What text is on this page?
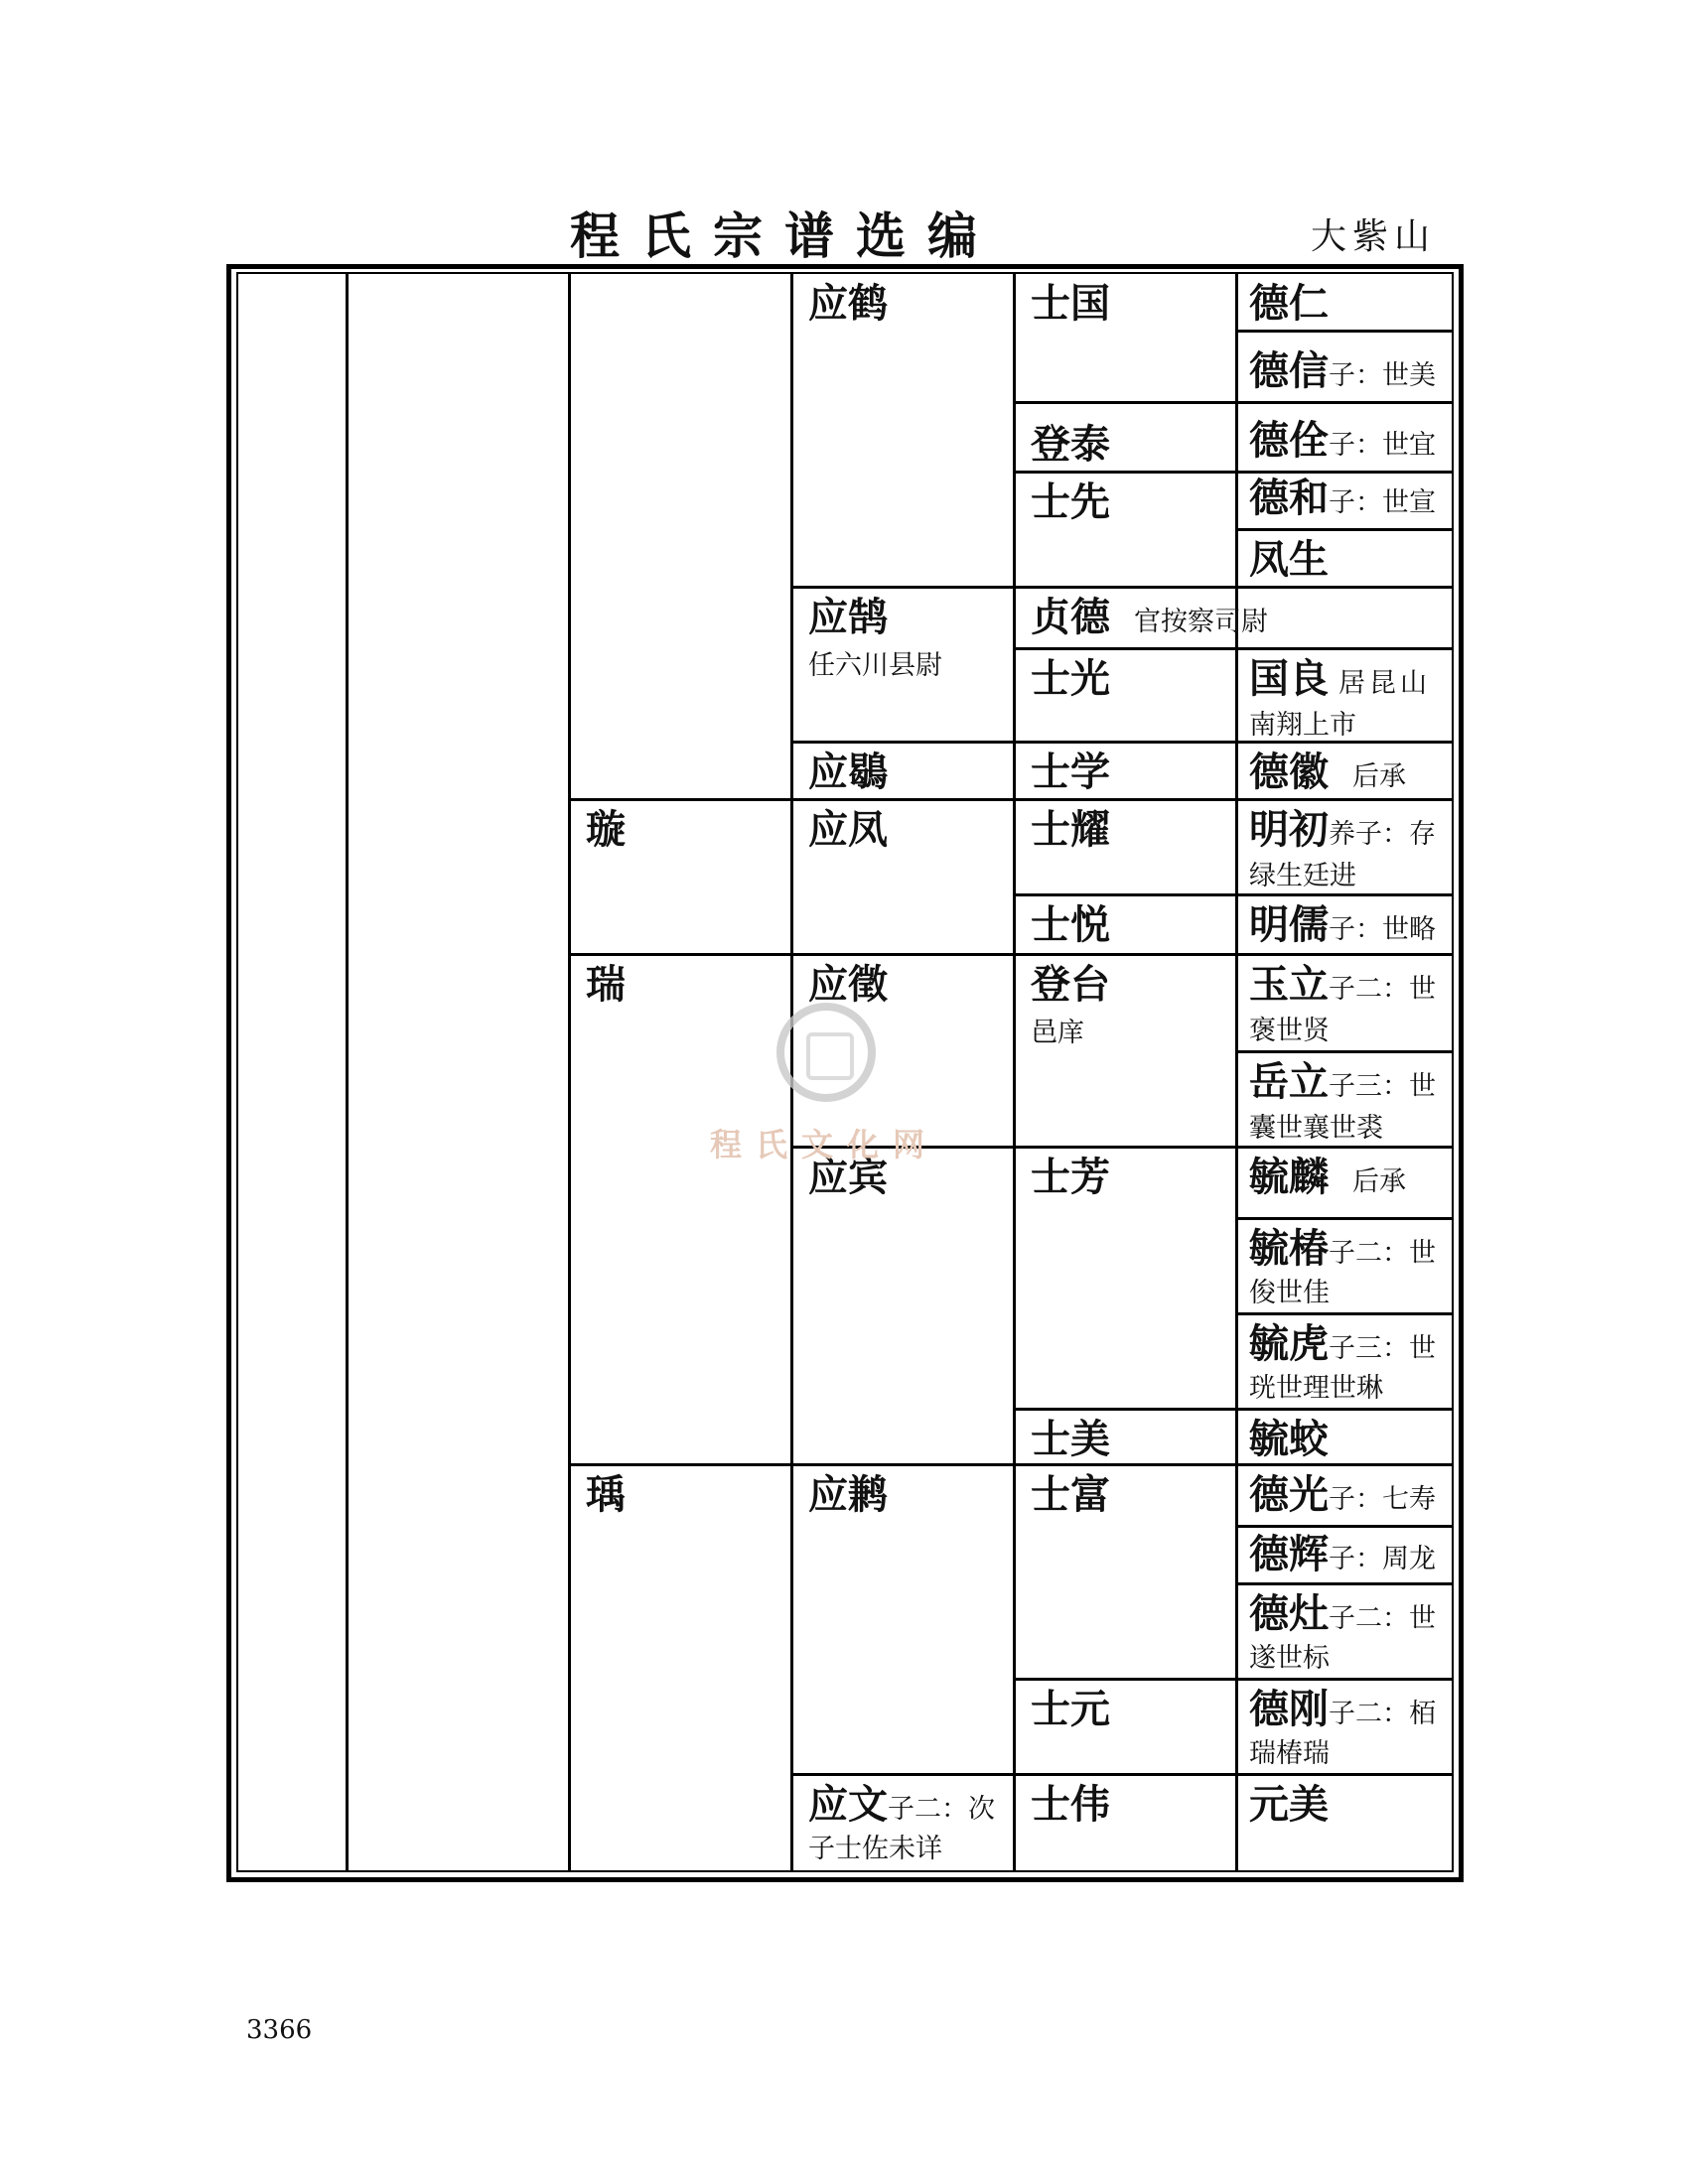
程氏宗谱选编	大紫山
璇
瑞
瑀
应鹤
应鹄
任六川县尉
应鶡
应凤
应徵
应宾
应鹣
应文子二：次
子士佐未详
士国
登泰
士先
贞德 官按察司尉
士光
士学
士耀
士悦
登台
邑庠
士芳
士美
士富
士元
士伟
德仁
德信子：世美
德佺子：世宜
德和子：世宣
凤生
国良 居昆山
南翔上市
德徽 后承
明初养子：存
绿生廷进
明儒子：世略
玉立子二：世
褒世贤
岳立子三：世
囊世襄世裘
毓麟 后承
毓椿子二：世
俊世佳
毓虎子三：世
珖世理世琳
毓蛟
德光子：七寿
德辉子：周龙
德灶子二：世
遂世标
德刚子二：栢
瑞椿瑞
元美
程氏文化网
3366
